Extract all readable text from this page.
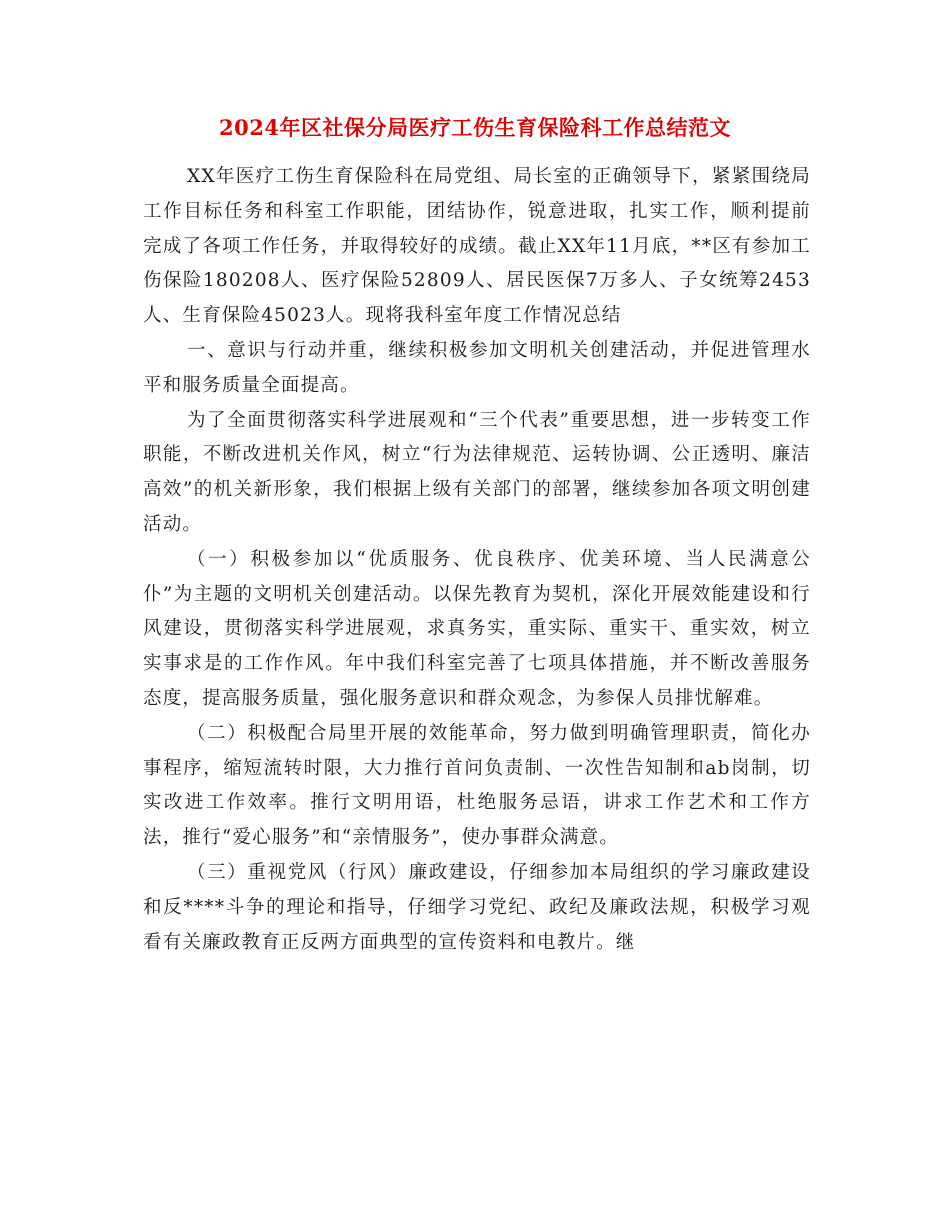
2024年区社保分局医疗工伤生育保险科工作总结范文

XX年医疗工伤生育保险科在局党组、局长室的正确领导下，紧紧围绕局工作目标任务和科室工作职能，团结协作，锐意进取，扎实工作，顺利提前完成了各项工作任务，并取得较好的成绩。截止XX年11月底，**区有参加工伤保险180208人、医疗保险52809人、居民医保7万多人、子女统筹2453人、生育保险45023人。现将我科室年度工作情况总结

一、意识与行动并重，继续积极参加文明机关创建活动，并促进管理水平和服务质量全面提高。

为了全面贯彻落实科学进展观和“三个代表”重要思想，进一步转变工作职能，不断改进机关作风，树立“行为法律规范、运转协调、公正透明、廉洁高效”的机关新形象，我们根据上级有关部门的部署，继续参加各项文明创建活动。

（一）积极参加以“优质服务、优良秩序、优美环境、当人民满意公仆”为主题的文明机关创建活动。以保先教育为契机，深化开展效能建设和行风建设，贯彻落实科学进展观，求真务实，重实际、重实干、重实效，树立实事求是的工作作风。年中我们科室完善了七项具体措施，并不断改善服务态度，提高服务质量，强化服务意识和群众观念，为参保人员排忧解难。

（二）积极配合局里开展的效能革命，努力做到明确管理职责，简化办事程序，缩短流转时限，大力推行首问负责制、一次性告知制和ab岗制，切实改进工作效率。推行文明用语，杜绝服务忌语，讲求工作艺术和工作方法，推行“爱心服务”和“亲情服务”，使办事群众满意。

（三）重视党风（行风）廉政建设，仔细参加本局组织的学习廉政建设和反****斗争的理论和指导，仔细学习党纪、政纪及廉政法规，积极学习观看有关廉政教育正反两方面典型的宣传资料和电教片。继
